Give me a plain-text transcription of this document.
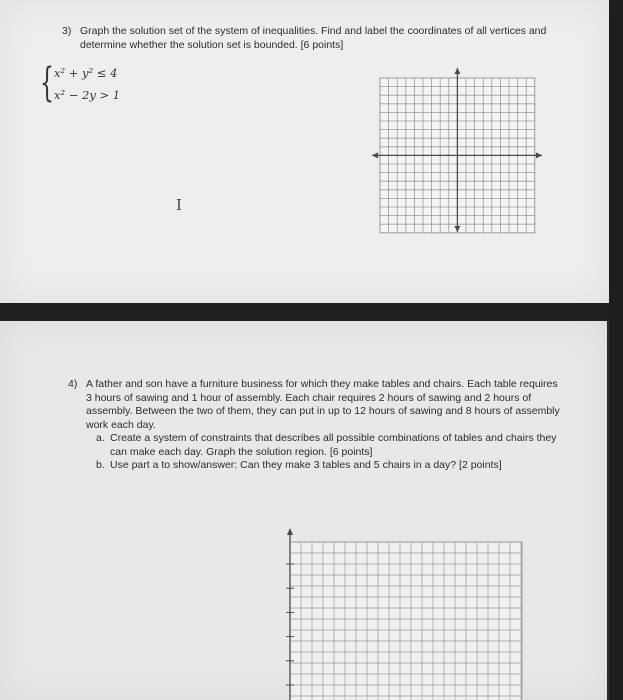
3) Graph the solution set of the system of inequalities. Find and label the coordinates of all vertices and
determine whether the solution set is bounded. [6 points]
{ x² + y² ≤ 4
x² − 2y > 1
I
4) A father and son have a furniture business for which they make tables and chairs. Each table requires
3 hours of sawing and 1 hour of assembly. Each chair requires 2 hours of sawing and 2 hours of
assembly. Between the two of them, they can put in up to 12 hours of sawing and 8 hours of assembly
work each day.
a. Create a system of constraints that describes all possible combinations of tables and chairs they
can make each day. Graph the solution region. [6 points]
b. Use part a to show/answer: Can they make 3 tables and 5 chairs in a day? [2 points]
